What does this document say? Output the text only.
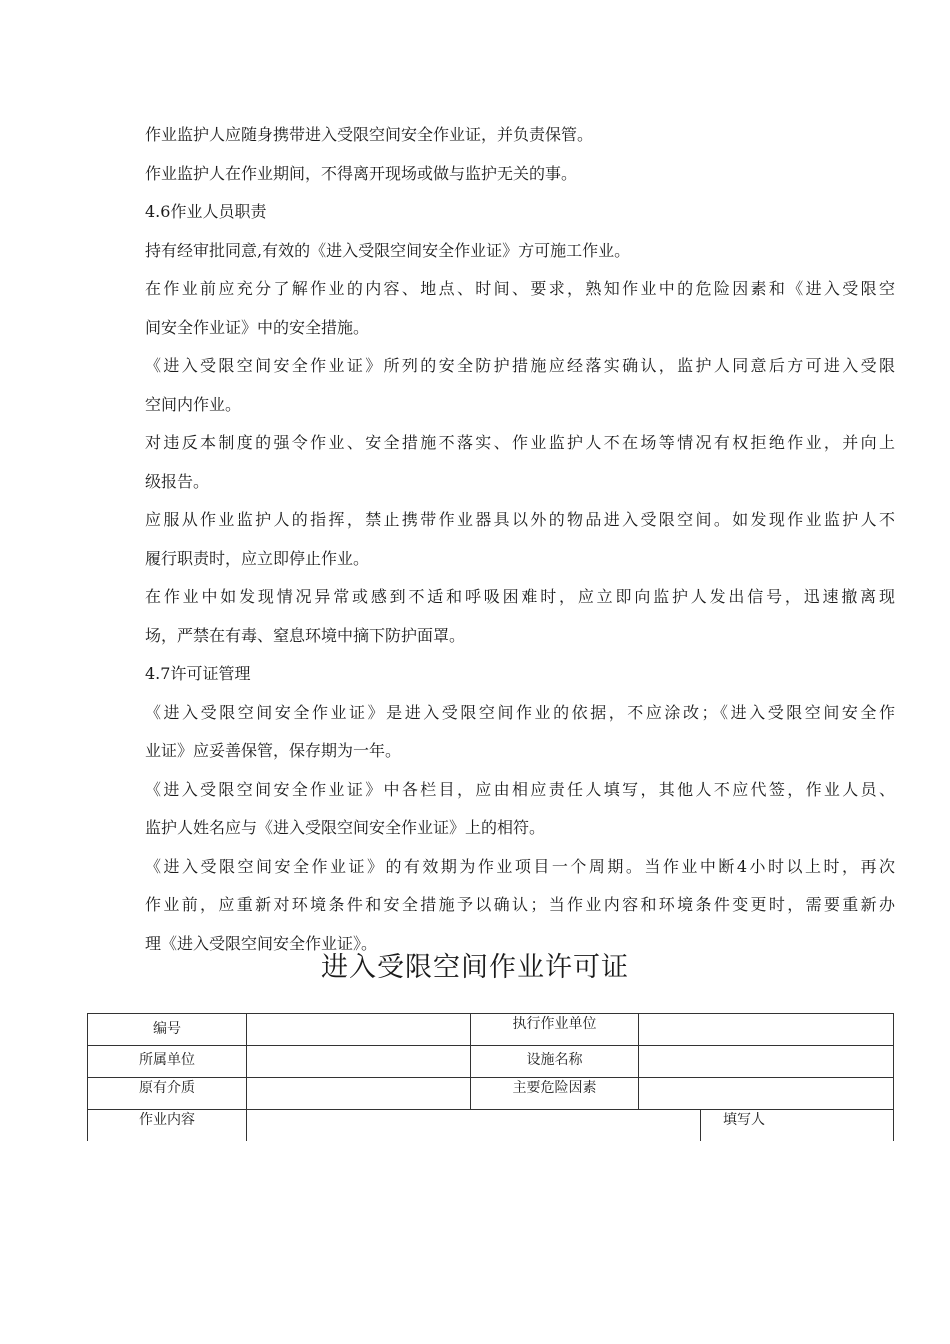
作业监护人应随身携带进入受限空间安全作业证，并负责保管。
作业监护人在作业期间，不得离开现场或做与监护无关的事。
4.6作业人员职责
持有经审批同意,有效的《进入受限空间安全作业证》方可施工作业。
在作业前应充分了解作业的内容、地点、时间、要求，熟知作业中的危险因素和《进入受限空
间安全作业证》中的安全措施。
《进入受限空间安全作业证》所列的安全防护措施应经落实确认，监护人同意后方可进入受限
空间内作业。
对违反本制度的强令作业、安全措施不落实、作业监护人不在场等情况有权拒绝作业，并向上
级报告。
应服从作业监护人的指挥，禁止携带作业器具以外的物品进入受限空间。如发现作业监护人不
履行职责时，应立即停止作业。
在作业中如发现情况异常或感到不适和呼吸困难时，应立即向监护人发出信号，迅速撤离现
场，严禁在有毒、窒息环境中摘下防护面罩。
4.7许可证管理
《进入受限空间安全作业证》是进入受限空间作业的依据，不应涂改；《进入受限空间安全作
业证》应妥善保管，保存期为一年。
《进入受限空间安全作业证》中各栏目，应由相应责任人填写，其他人不应代签，作业人员、
监护人姓名应与《进入受限空间安全作业证》上的相符。
《进入受限空间安全作业证》的有效期为作业项目一个周期。当作业中断4小时以上时，再次
作业前，应重新对环境条件和安全措施予以确认；当作业内容和环境条件变更时，需要重新办
理《进入受限空间安全作业证》。
进入受限空间作业许可证
编号		执行作业单位		
所属单位		设施名称		
原有介质		主要危险因素		
作业内容				填写人
